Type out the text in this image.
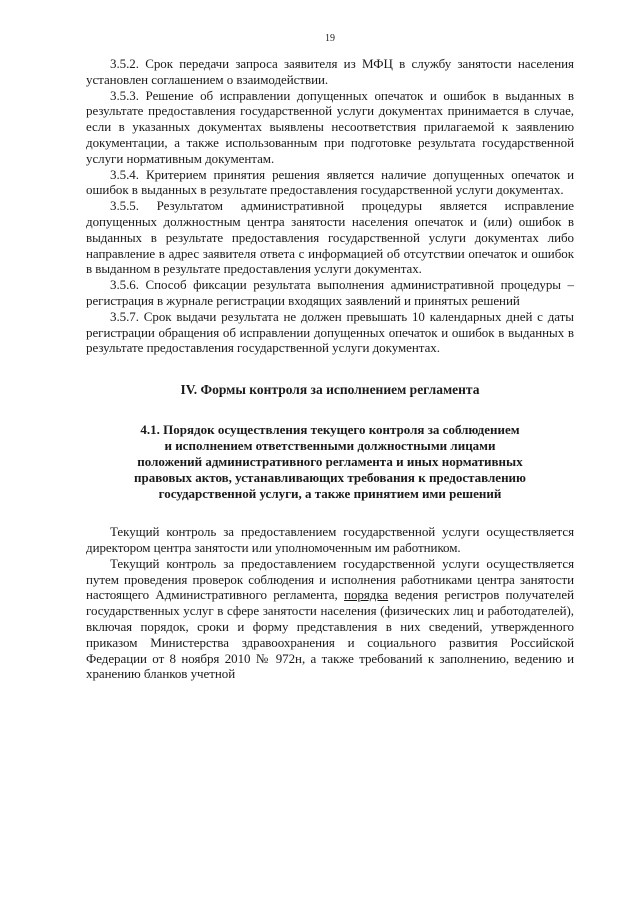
19

3.5.2. Срок передачи запроса заявителя из МФЦ в службу занятости населения установлен соглашением о взаимодействии.

3.5.3. Решение об исправлении допущенных опечаток и ошибок в выданных в результате предоставления государственной услуги документах принимается в случае, если в указанных документах выявлены несоответствия прилагаемой к заявлению документации, а также использованным при подготовке результата государственной услуги нормативным документам.

3.5.4. Критерием принятия решения является наличие допущенных опечаток и ошибок в выданных в результате предоставления государственной услуги документах.

3.5.5. Результатом административной процедуры является исправление допущенных должностным центра занятости населения опечаток и (или) ошибок в выданных в результате предоставления государственной услуги документах либо направление в адрес заявителя ответа с информацией об отсутствии опечаток и ошибок в выданном в результате предоставления услуги документах.

3.5.6. Способ фиксации результата выполнения административной процедуры – регистрация в журнале регистрации входящих заявлений и принятых решений

3.5.7. Срок выдачи результата не должен превышать 10 календарных дней с даты регистрации обращения об исправлении допущенных опечаток и ошибок в выданных в результате предоставления государственной услуги документах.

IV. Формы контроля за исполнением регламента
4.1. Порядок осуществления текущего контроля за соблюдением
и исполнением ответственными должностными лицами
положений административного регламента и иных нормативных
правовых актов, устанавливающих требования к предоставлению
государственной услуги, а также принятием ими решений

Текущий контроль за предоставлением государственной услуги осуществляется директором центра занятости или уполномоченным им работником.

Текущий контроль за предоставлением государственной услуги осуществляется путем проведения проверок соблюдения и исполнения работниками центра занятости настоящего Административного регламента, порядка ведения регистров получателей государственных услуг в сфере занятости населения (физических лиц и работодателей), включая порядок, сроки и форму представления в них сведений, утвержденного приказом Министерства здравоохранения и социального развития Российской Федерации от 8 ноября 2010 № 972н, а также требований к заполнению, ведению и хранению бланков учетной
